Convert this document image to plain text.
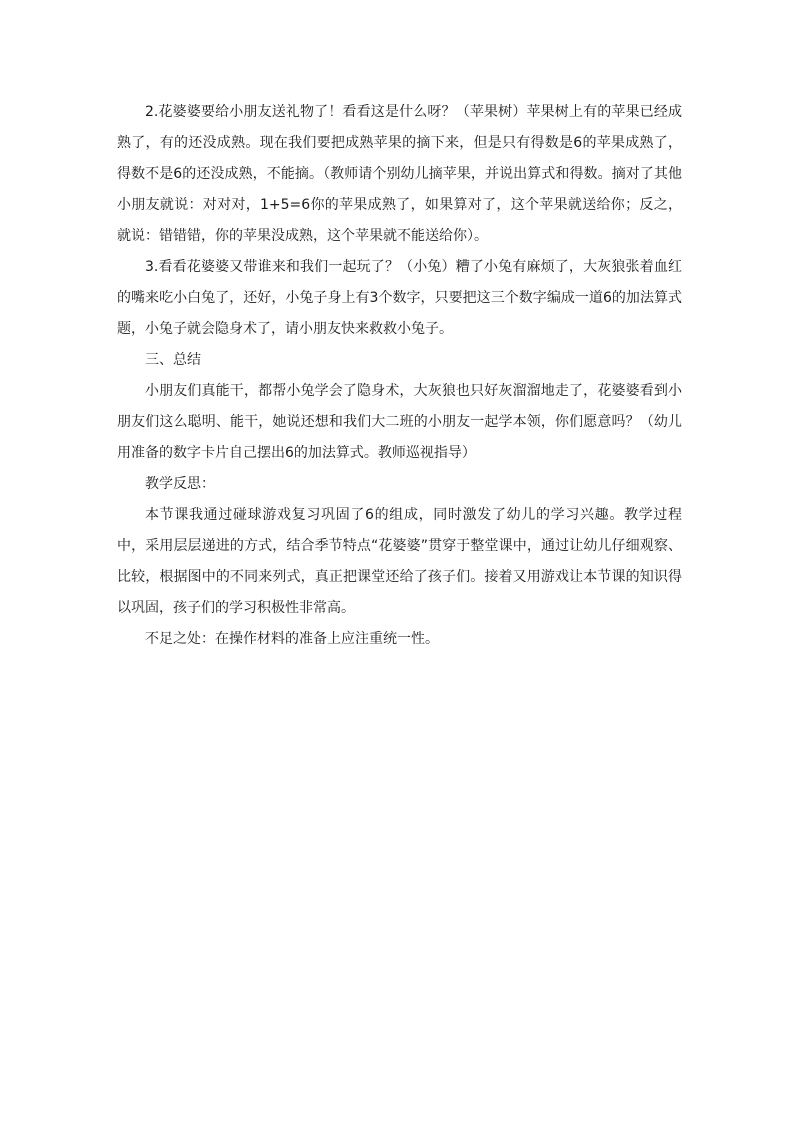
2.花婆婆要给小朋友送礼物了！看看这是什么呀？（苹果树）苹果树上有的苹果已经成熟了，有的还没成熟。现在我们要把成熟苹果的摘下来，但是只有得数是6的苹果成熟了，得数不是6的还没成熟，不能摘。（教师请个别幼儿摘苹果，并说出算式和得数。摘对了其他小朋友就说：对对对，1+5=6你的苹果成熟了，如果算对了，这个苹果就送给你；反之，就说：错错错，你的苹果没成熟，这个苹果就不能送给你）。

3.看看花婆婆又带谁来和我们一起玩了？（小兔）糟了小兔有麻烦了，大灰狼张着血红的嘴来吃小白兔了，还好，小兔子身上有3个数字，只要把这三个数字编成一道6的加法算式题，小兔子就会隐身术了，请小朋友快来救救小兔子。

三、总结

小朋友们真能干，都帮小兔学会了隐身术，大灰狼也只好灰溜溜地走了，花婆婆看到小朋友们这么聪明、能干，她说还想和我们大二班的小朋友一起学本领，你们愿意吗？（幼儿用准备的数字卡片自己摆出6的加法算式。教师巡视指导）

教学反思：

本节课我通过碰球游戏复习巩固了6的组成，同时激发了幼儿的学习兴趣。教学过程中，采用层层递进的方式，结合季节特点“花婆婆”贯穿于整堂课中，通过让幼儿仔细观察、比较，根据图中的不同来列式，真正把课堂还给了孩子们。接着又用游戏让本节课的知识得以巩固，孩子们的学习积极性非常高。

不足之处：在操作材料的准备上应注重统一性。
